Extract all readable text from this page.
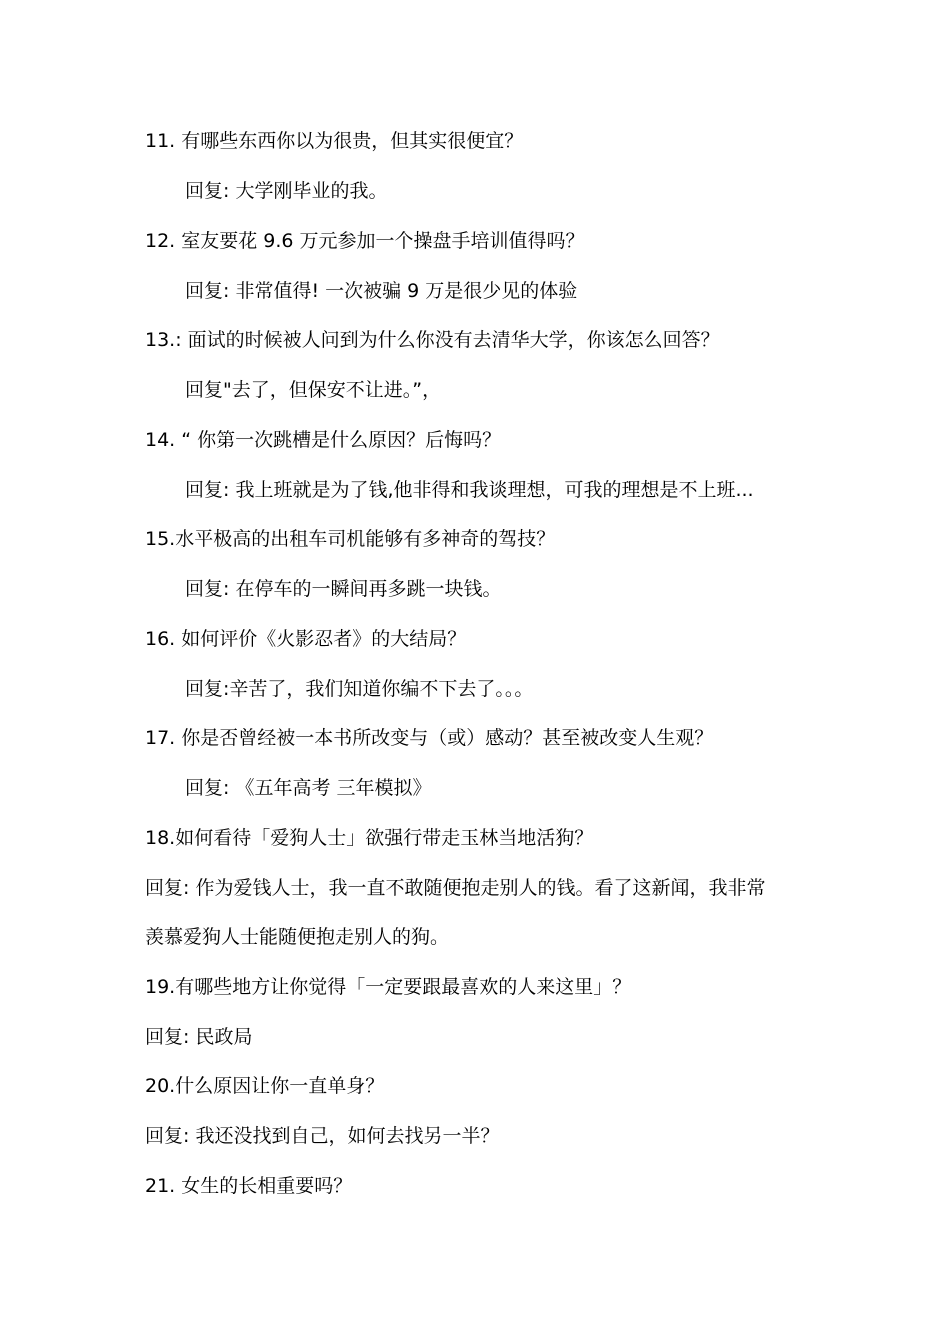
11. 有哪些东西你以为很贵，但其实很便宜？
回复: 大学刚毕业的我。
12. 室友要花 9.6 万元参加一个操盘手培训值得吗？
回复: 非常值得! 一次被骗 9 万是很少见的体验
13.: 面试的时候被人问到为什么你没有去清华大学，你该怎么回答？
回复"去了，但保安不让进。”，
14. “ 你第一次跳槽是什么原因？后悔吗？
回复: 我上班就是为了钱,他非得和我谈理想，可我的理想是不上班...
15.水平极高的出租车司机能够有多神奇的驾技？
回复: 在停车的一瞬间再多跳一块钱。
16. 如何评价《火影忍者》的大结局？
回复:辛苦了，我们知道你编不下去了。。。
17. 你是否曾经被一本书所改变与（或）感动？甚至被改变人生观？
回复: 《五年高考 三年模拟》
18.如何看待「爱狗人士」欲强行带走玉林当地活狗？
回复: 作为爱钱人士，我一直不敢随便抱走别人的钱。看了这新闻，我非常
羡慕爱狗人士能随便抱走别人的狗。
19.有哪些地方让你觉得「一定要跟最喜欢的人来这里」？
回复: 民政局
20.什么原因让你一直单身？
回复: 我还没找到自己，如何去找另一半？
21. 女生的长相重要吗？
